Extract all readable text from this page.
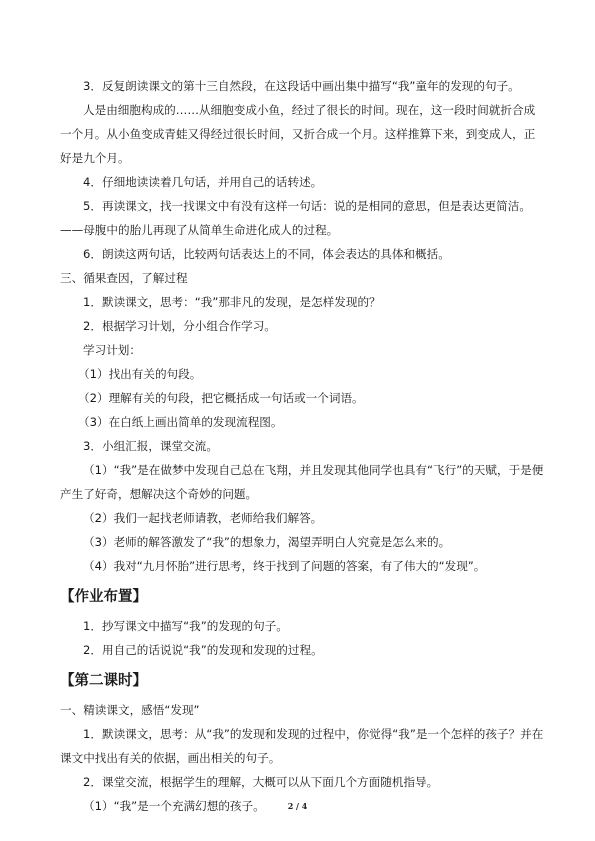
3．反复朗读课文的第十三自然段，在这段话中画出集中描写“我”童年的发现的句子。

人是由细胞构成的……从细胞变成小鱼，经过了很长的时间。现在，这一段时间就折合成一个月。从小鱼变成青蛙又得经过很长时间，又折合成一个月。这样推算下来，到变成人，正好是九个月。

4．仔细地读读着几句话，并用自己的话转述。

5．再读课文，找一找课文中有没有这样一句话：说的是相同的意思，但是表达更简洁。——母腹中的胎儿再现了从简单生命进化成人的过程。

6．朗读这两句话，比较两句话表达上的不同，体会表达的具体和概括。

三、循果查因，了解过程

1．默读课文，思考：“我”那非凡的发现，是怎样发现的？

2．根据学习计划，分小组合作学习。

学习计划：

（1）找出有关的句段。

（2）理解有关的句段，把它概括成一句话或一个词语。

（3）在白纸上画出简单的发现流程图。

3．小组汇报，课堂交流。

（1）“我”是在做梦中发现自己总在飞翔，并且发现其他同学也具有“飞行”的天赋，于是便产生了好奇，想解决这个奇妙的问题。

（2）我们一起找老师请教，老师给我们解答。

（3）老师的解答激发了“我”的想象力，渴望弄明白人究竟是怎么来的。

（4）我对“九月怀胎”进行思考，终于找到了问题的答案，有了伟大的“发现”。

【作业布置】

1．抄写课文中描写“我”的发现的句子。

2．用自己的话说说“我”的发现和发现的过程。

【第二课时】

一、精读课文，感悟“发现”

1．默读课文，思考：从“我”的发现和发现的过程中，你觉得“我”是一个怎样的孩子？并在课文中找出有关的依据，画出相关的句子。

2．课堂交流，根据学生的理解，大概可以从下面几个方面随机指导。

（1）“我”是一个充满幻想的孩子。	2 / 4
